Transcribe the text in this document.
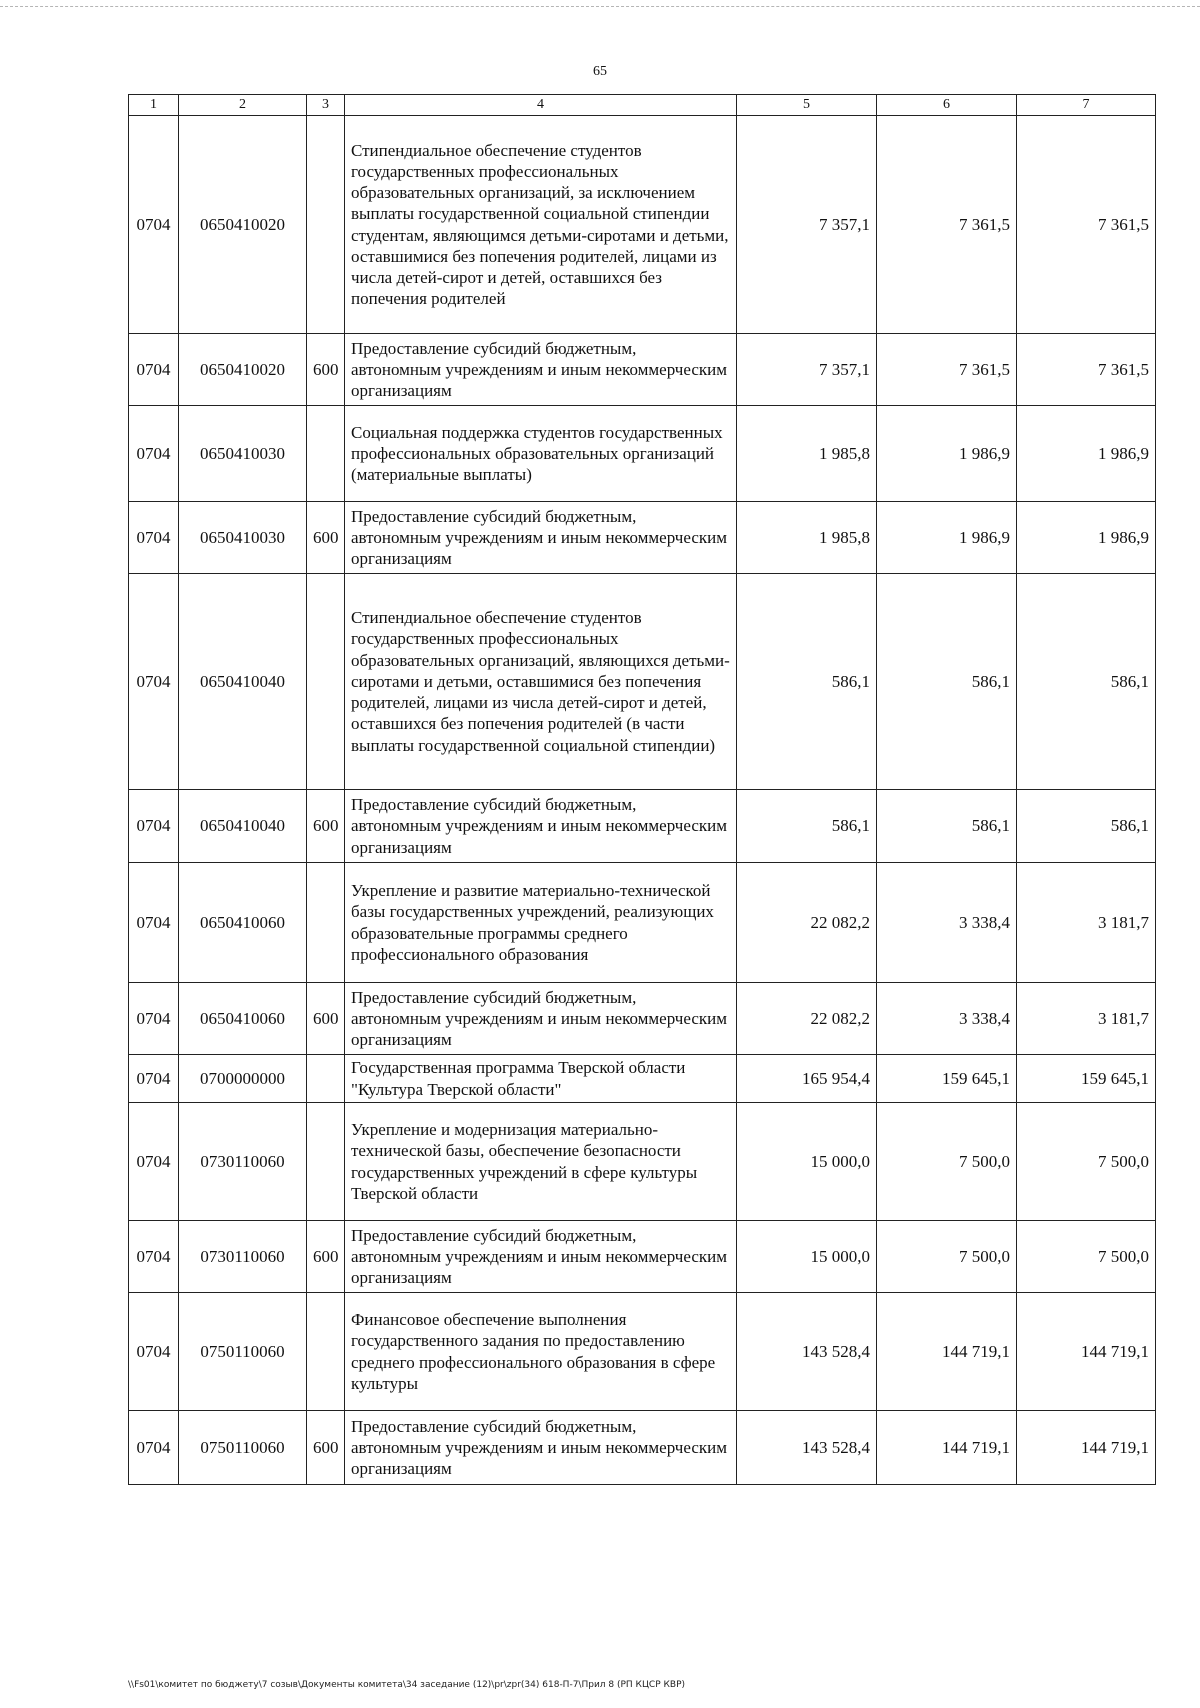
65
1	2	3	4	5	6	7
0704	0650410020		Стипендиальное обеспечение студентов государственных профессиональных образовательных организаций, за исключением выплаты государственной социальной стипендии студентам, являющимся детьми-сиротами и детьми, оставшимися без попечения родителей, лицами из числа детей-сирот и детей, оставшихся без попечения родителей	7 357,1	7 361,5	7 361,5
0704	0650410020	600	Предоставление субсидий бюджетным, автономным учреждениям и иным некоммерческим организациям	7 357,1	7 361,5	7 361,5
0704	0650410030		Социальная поддержка студентов государственных профессиональных образовательных организаций (материальные выплаты)	1 985,8	1 986,9	1 986,9
0704	0650410030	600	Предоставление субсидий бюджетным, автономным учреждениям и иным некоммерческим организациям	1 985,8	1 986,9	1 986,9
0704	0650410040		Стипендиальное обеспечение студентов государственных профессиональных образовательных организаций, являющихся детьми-сиротами и детьми, оставшимися без попечения родителей, лицами из числа детей-сирот и детей, оставшихся без попечения родителей (в части выплаты государственной социальной стипендии)	586,1	586,1	586,1
0704	0650410040	600	Предоставление субсидий бюджетным, автономным учреждениям и иным некоммерческим организациям	586,1	586,1	586,1
0704	0650410060		Укрепление и развитие материально-технической базы государственных учреждений, реализующих образовательные программы среднего профессионального образования	22 082,2	3 338,4	3 181,7
0704	0650410060	600	Предоставление субсидий бюджетным, автономным учреждениям и иным некоммерческим организациям	22 082,2	3 338,4	3 181,7
0704	0700000000		Государственная программа Тверской области "Культура Тверской области"	165 954,4	159 645,1	159 645,1
0704	0730110060		Укрепление и модернизация материально-технической базы, обеспечение безопасности государственных учреждений в сфере культуры Тверской области	15 000,0	7 500,0	7 500,0
0704	0730110060	600	Предоставление субсидий бюджетным, автономным учреждениям и иным некоммерческим организациям	15 000,0	7 500,0	7 500,0
0704	0750110060		Финансовое обеспечение выполнения государственного задания по предоставлению среднего профессионального образования в сфере культуры	143 528,4	144 719,1	144 719,1
0704	0750110060	600	Предоставление субсидий бюджетным, автономным учреждениям и иным некоммерческим организациям	143 528,4	144 719,1	144 719,1
\\Fs01\комитет по бюджету\7 созыв\Документы комитета\34 заседание (12)\pr\zpr(34) 618-П-7\Прил 8 (РП КЦСР КВР)
